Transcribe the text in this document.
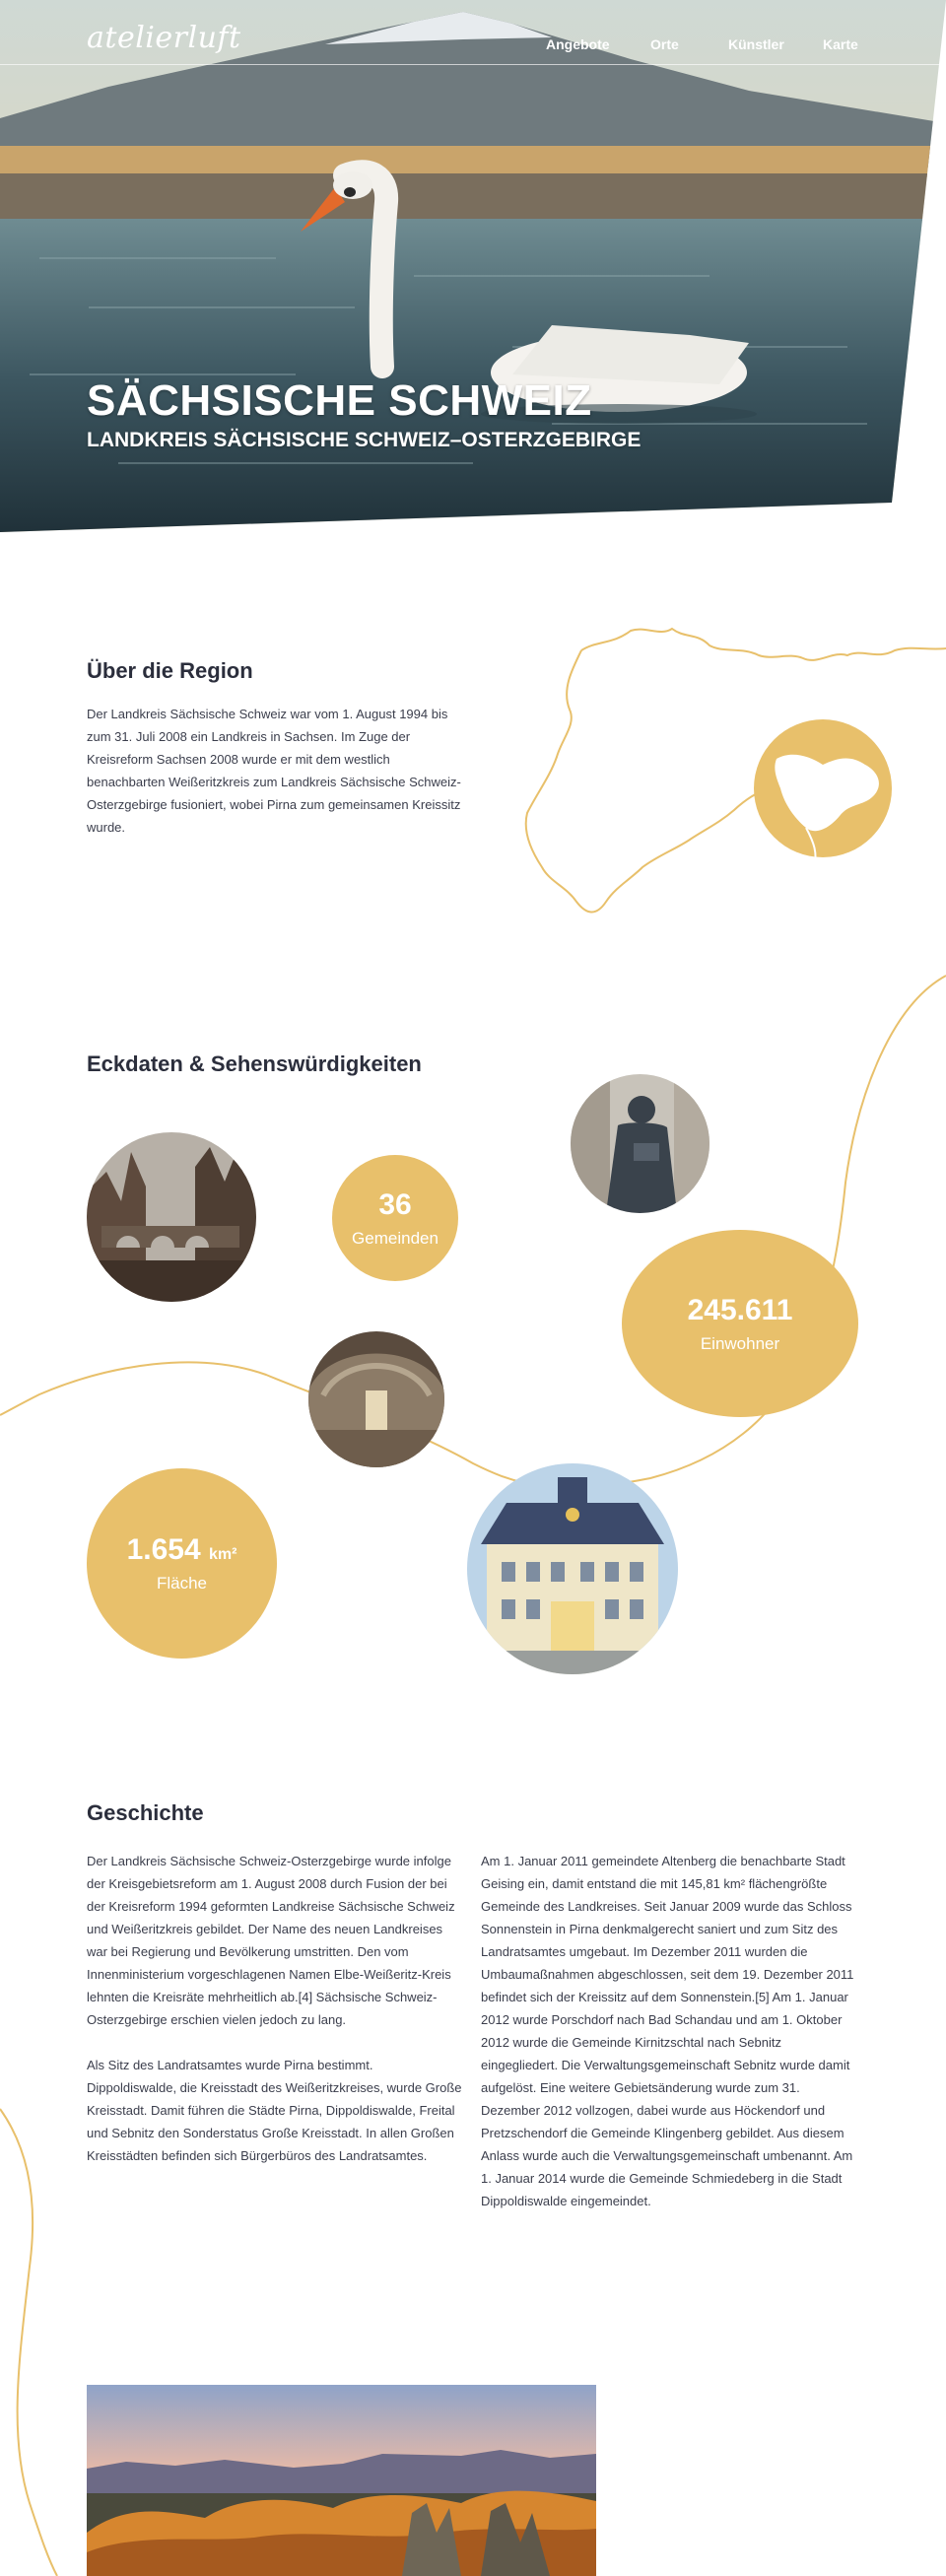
atelierluft	Angebote	Orte	Künstler	Karte
SÄCHSISCHE SCHWEIZ
LANDKREIS SÄCHSISCHE SCHWEIZ–OSTERZGEBIRGE
Über die Region

Der Landkreis Sächsische Schweiz war vom 1. August 1994 bis zum 31. Juli 2008 ein Landkreis in Sachsen. Im Zuge der Kreisreform Sachsen 2008 wurde er mit dem westlich benachbarten Weißeritzkreis zum Landkreis Sächsische Schweiz-Osterzgebirge fusioniert, wobei Pirna zum gemeinsamen Kreissitz wurde.

Eckdaten & Sehenswürdigkeiten
36
Gemeinden
245.611
Einwohner
1.654 km²
Fläche
Geschichte

Der Landkreis Sächsische Schweiz-Osterzgebirge wurde infolge der Kreisgebietsreform am 1. August 2008 durch Fusion der bei der Kreisreform 1994 geformten Landkreise Sächsische Schweiz und Weißeritzkreis gebildet. Der Name des neuen Landkreises war bei Regierung und Bevölkerung umstritten. Den vom Innenministerium vorgeschlagenen Namen Elbe-Weißeritz-Kreis lehnten die Kreisräte mehrheitlich ab.[4] Sächsische Schweiz-Osterzgebirge erschien vielen jedoch zu lang.

Als Sitz des Landratsamtes wurde Pirna bestimmt. Dippoldiswalde, die Kreisstadt des Weißeritzkreises, wurde Große Kreisstadt. Damit führen die Städte Pirna, Dippoldiswalde, Freital und Sebnitz den Sonderstatus Große Kreisstadt. In allen Großen Kreisstädten befinden sich Bürgerbüros des Landratsamtes.

Am 1. Januar 2011 gemeindete Altenberg die benachbarte Stadt Geising ein, damit entstand die mit 145,81 km² flächengrößte Gemeinde des Landkreises. Seit Januar 2009 wurde das Schloss Sonnenstein in Pirna denkmalgerecht saniert und zum Sitz des Landratsamtes umgebaut. Im Dezember 2011 wurden die Umbaumaßnahmen abgeschlossen, seit dem 19. Dezember 2011 befindet sich der Kreissitz auf dem Sonnenstein.[5] Am 1. Januar 2012 wurde Porschdorf nach Bad Schandau und am 1. Oktober 2012 wurde die Gemeinde Kirnitzschtal nach Sebnitz eingegliedert. Die Verwaltungsgemeinschaft Sebnitz wurde damit aufgelöst. Eine weitere Gebietsänderung wurde zum 31. Dezember 2012 vollzogen, dabei wurde aus Höckendorf und Pretzschendorf die Gemeinde Klingenberg gebildet. Aus diesem Anlass wurde auch die Verwaltungsgemeinschaft umbenannt. Am 1. Januar 2014 wurde die Gemeinde Schmiedeberg in die Stadt Dippoldiswalde eingemeindet.
